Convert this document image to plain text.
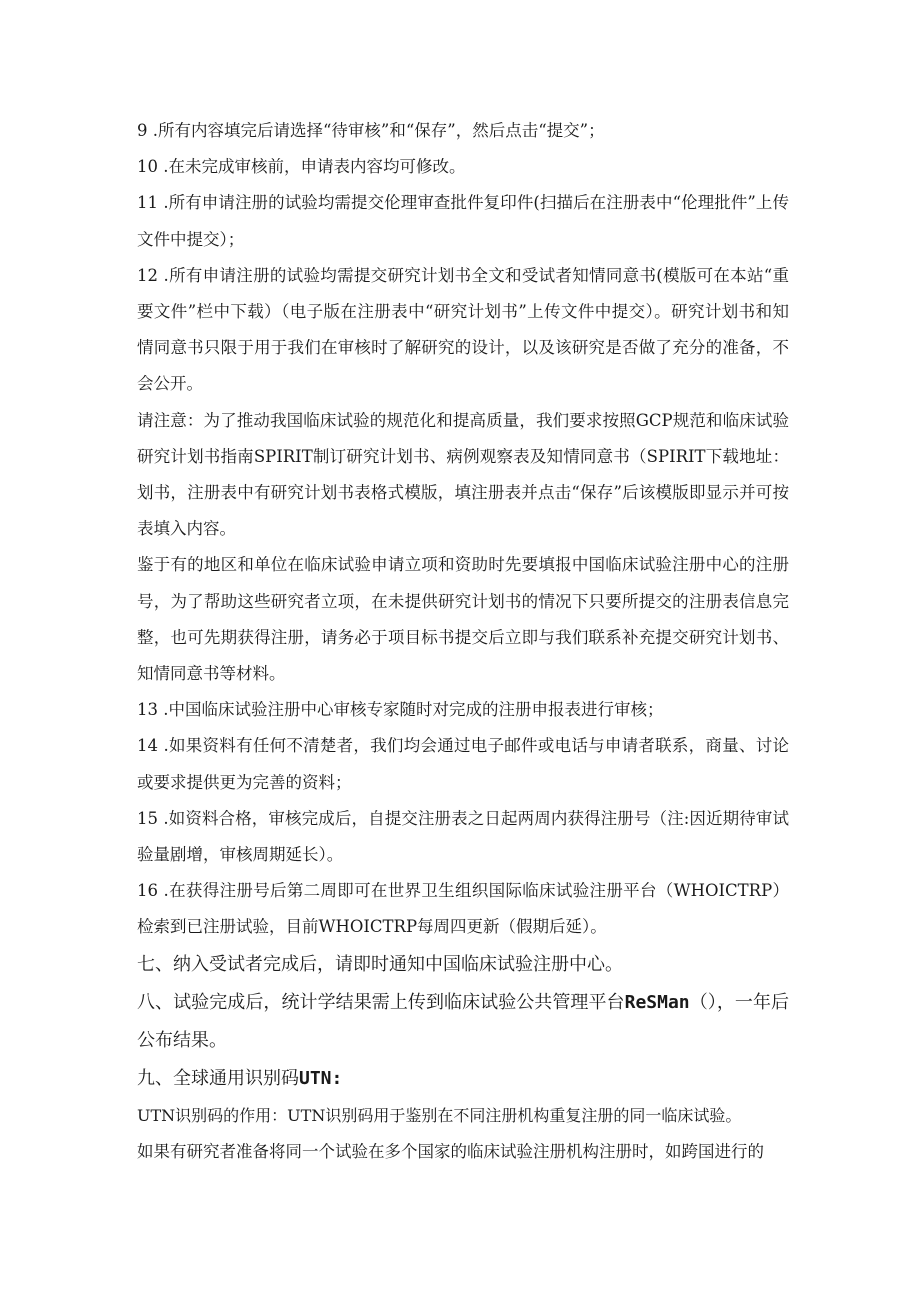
9 .所有内容填完后请选择“待审核”和“保存”，然后点击“提交”；

10 .在未完成审核前，申请表内容均可修改。

11 .所有申请注册的试验均需提交伦理审查批件复印件(扫描后在注册表中“伦理批件”上传文件中提交）；

12 .所有申请注册的试验均需提交研究计划书全文和受试者知情同意书(模版可在本站“重要文件”栏中下载）（电子版在注册表中“研究计划书”上传文件中提交）。研究计划书和知情同意书只限于用于我们在审核时了解研究的设计，以及该研究是否做了充分的准备，不会公开。

请注意：为了推动我国临床试验的规范化和提高质量，我们要求按照GCP规范和临床试验研究计划书指南SPIRIT制订研究计划书、病例观察表及知情同意书（SPIRIT下载地址：划书，注册表中有研究计划书表格式模版，填注册表并点击“保存”后该模版即显示并可按表填入内容。

鉴于有的地区和单位在临床试验申请立项和资助时先要填报中国临床试验注册中心的注册号，为了帮助这些研究者立项，在未提供研究计划书的情况下只要所提交的注册表信息完整，也可先期获得注册，请务必于项目标书提交后立即与我们联系补充提交研究计划书、知情同意书等材料。

13 .中国临床试验注册中心审核专家随时对完成的注册申报表进行审核；

14 .如果资料有任何不清楚者，我们均会通过电子邮件或电话与申请者联系，商量、讨论或要求提供更为完善的资料；

15 .如资料合格，审核完成后，自提交注册表之日起两周内获得注册号（注:因近期待审试验量剧增，审核周期延长）。

16 .在获得注册号后第二周即可在世界卫生组织国际临床试验注册平台（WHOICTRP）检索到已注册试验，目前WHOICTRP每周四更新（假期后延）。

七、纳入受试者完成后，请即时通知中国临床试验注册中心。

八、试验完成后，统计学结果需上传到临床试验公共管理平台ReSMan（），一年后公布结果。

九、全球通用识别码UTN:

UTN识别码的作用：UTN识别码用于鉴别在不同注册机构重复注册的同一临床试验。

如果有研究者准备将同一个试验在多个国家的临床试验注册机构注册时，如跨国进行的
